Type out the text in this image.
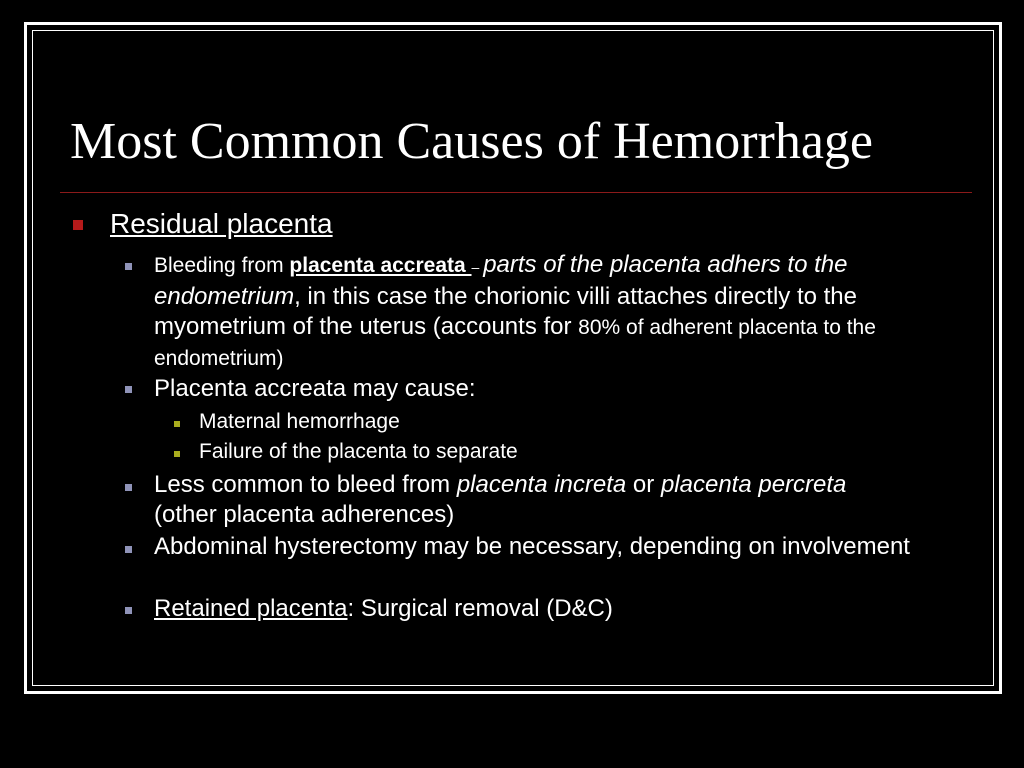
Most Common Causes of Hemorrhage
Residual placenta
Bleeding from placenta accreata – parts of the placenta adhers to the endometrium, in this case the chorionic villi attaches directly to the myometrium of the uterus (accounts for 80% of adherent placenta to the endometrium)
Placenta accreata may cause:
Maternal hemorrhage
Failure of the placenta to separate
Less common to bleed from placenta increta or placenta percreta (other placenta adherences)
Abdominal hysterectomy may be necessary, depending on involvement
Retained placenta: Surgical removal (D&C)
